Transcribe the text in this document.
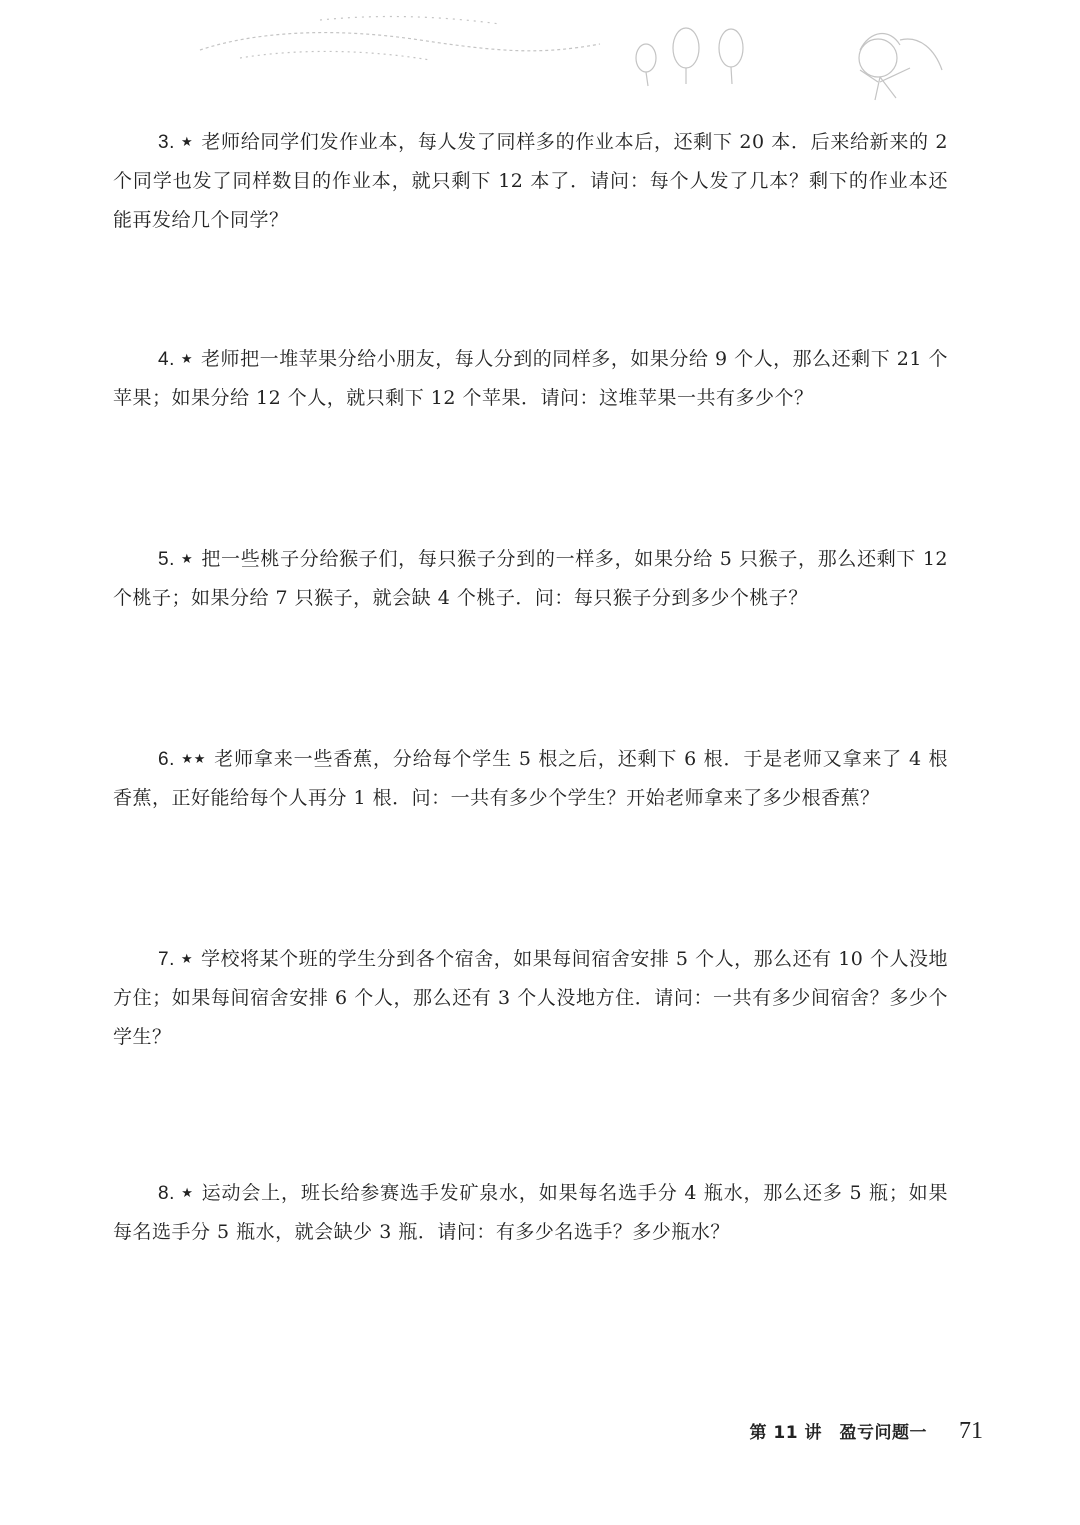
3. ★ 老师给同学们发作业本，每人发了同样多的作业本后，还剩下 20 本．后来给新来的 2 个同学也发了同样数目的作业本，就只剩下 12 本了．请问：每个人发了几本？剩下的作业本还能再发给几个同学？
4. ★ 老师把一堆苹果分给小朋友，每人分到的同样多，如果分给 9 个人，那么还剩下 21 个苹果；如果分给 12 个人，就只剩下 12 个苹果．请问：这堆苹果一共有多少个？
5. ★ 把一些桃子分给猴子们，每只猴子分到的一样多，如果分给 5 只猴子，那么还剩下 12 个桃子；如果分给 7 只猴子，就会缺 4 个桃子．问：每只猴子分到多少个桃子？
6. ★★ 老师拿来一些香蕉，分给每个学生 5 根之后，还剩下 6 根．于是老师又拿来了 4 根香蕉，正好能给每个人再分 1 根．问：一共有多少个学生？开始老师拿来了多少根香蕉？
7. ★ 学校将某个班的学生分到各个宿舍，如果每间宿舍安排 5 个人，那么还有 10 个人没地方住；如果每间宿舍安排 6 个人，那么还有 3 个人没地方住．请问：一共有多少间宿舍？多少个学生？
8. ★ 运动会上，班长给参赛选手发矿泉水，如果每名选手分 4 瓶水，那么还多 5 瓶；如果每名选手分 5 瓶水，就会缺少 3 瓶．请问：有多少名选手？多少瓶水？
第 11 讲　盈亏问题一 71
